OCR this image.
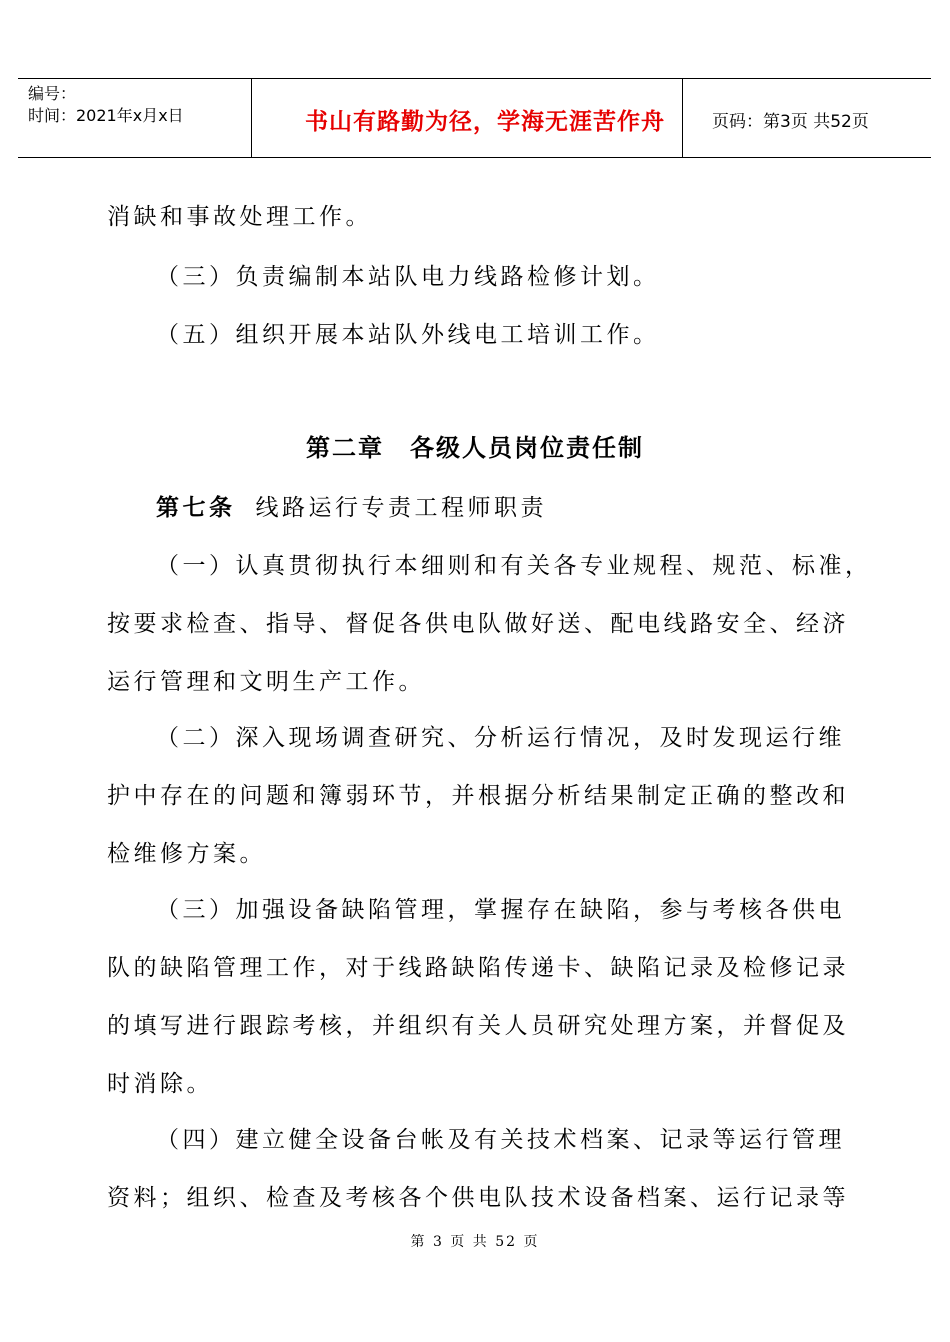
编号：
时间：2021年x月x日	书山有路勤为径，学海无涯苦作舟	页码：第3页 共52页
消缺和事故处理工作。
（三）负责编制本站队电力线路检修计划。
（五）组织开展本站队外线电工培训工作。
第二章　各级人员岗位责任制
第七条 线路运行专责工程师职责
（一）认真贯彻执行本细则和有关各专业规程、规范、标准，
按要求检查、指导、督促各供电队做好送、配电线路安全、经济
运行管理和文明生产工作。
（二）深入现场调查研究、分析运行情况，及时发现运行维
护中存在的问题和簿弱环节，并根据分析结果制定正确的整改和
检维修方案。
（三）加强设备缺陷管理，掌握存在缺陷，参与考核各供电
队的缺陷管理工作，对于线路缺陷传递卡、缺陷记录及检修记录
的填写进行跟踪考核，并组织有关人员研究处理方案，并督促及
时消除。
（四）建立健全设备台帐及有关技术档案、记录等运行管理
资料；组织、检查及考核各个供电队技术设备档案、运行记录等
第 3 页 共 52 页
